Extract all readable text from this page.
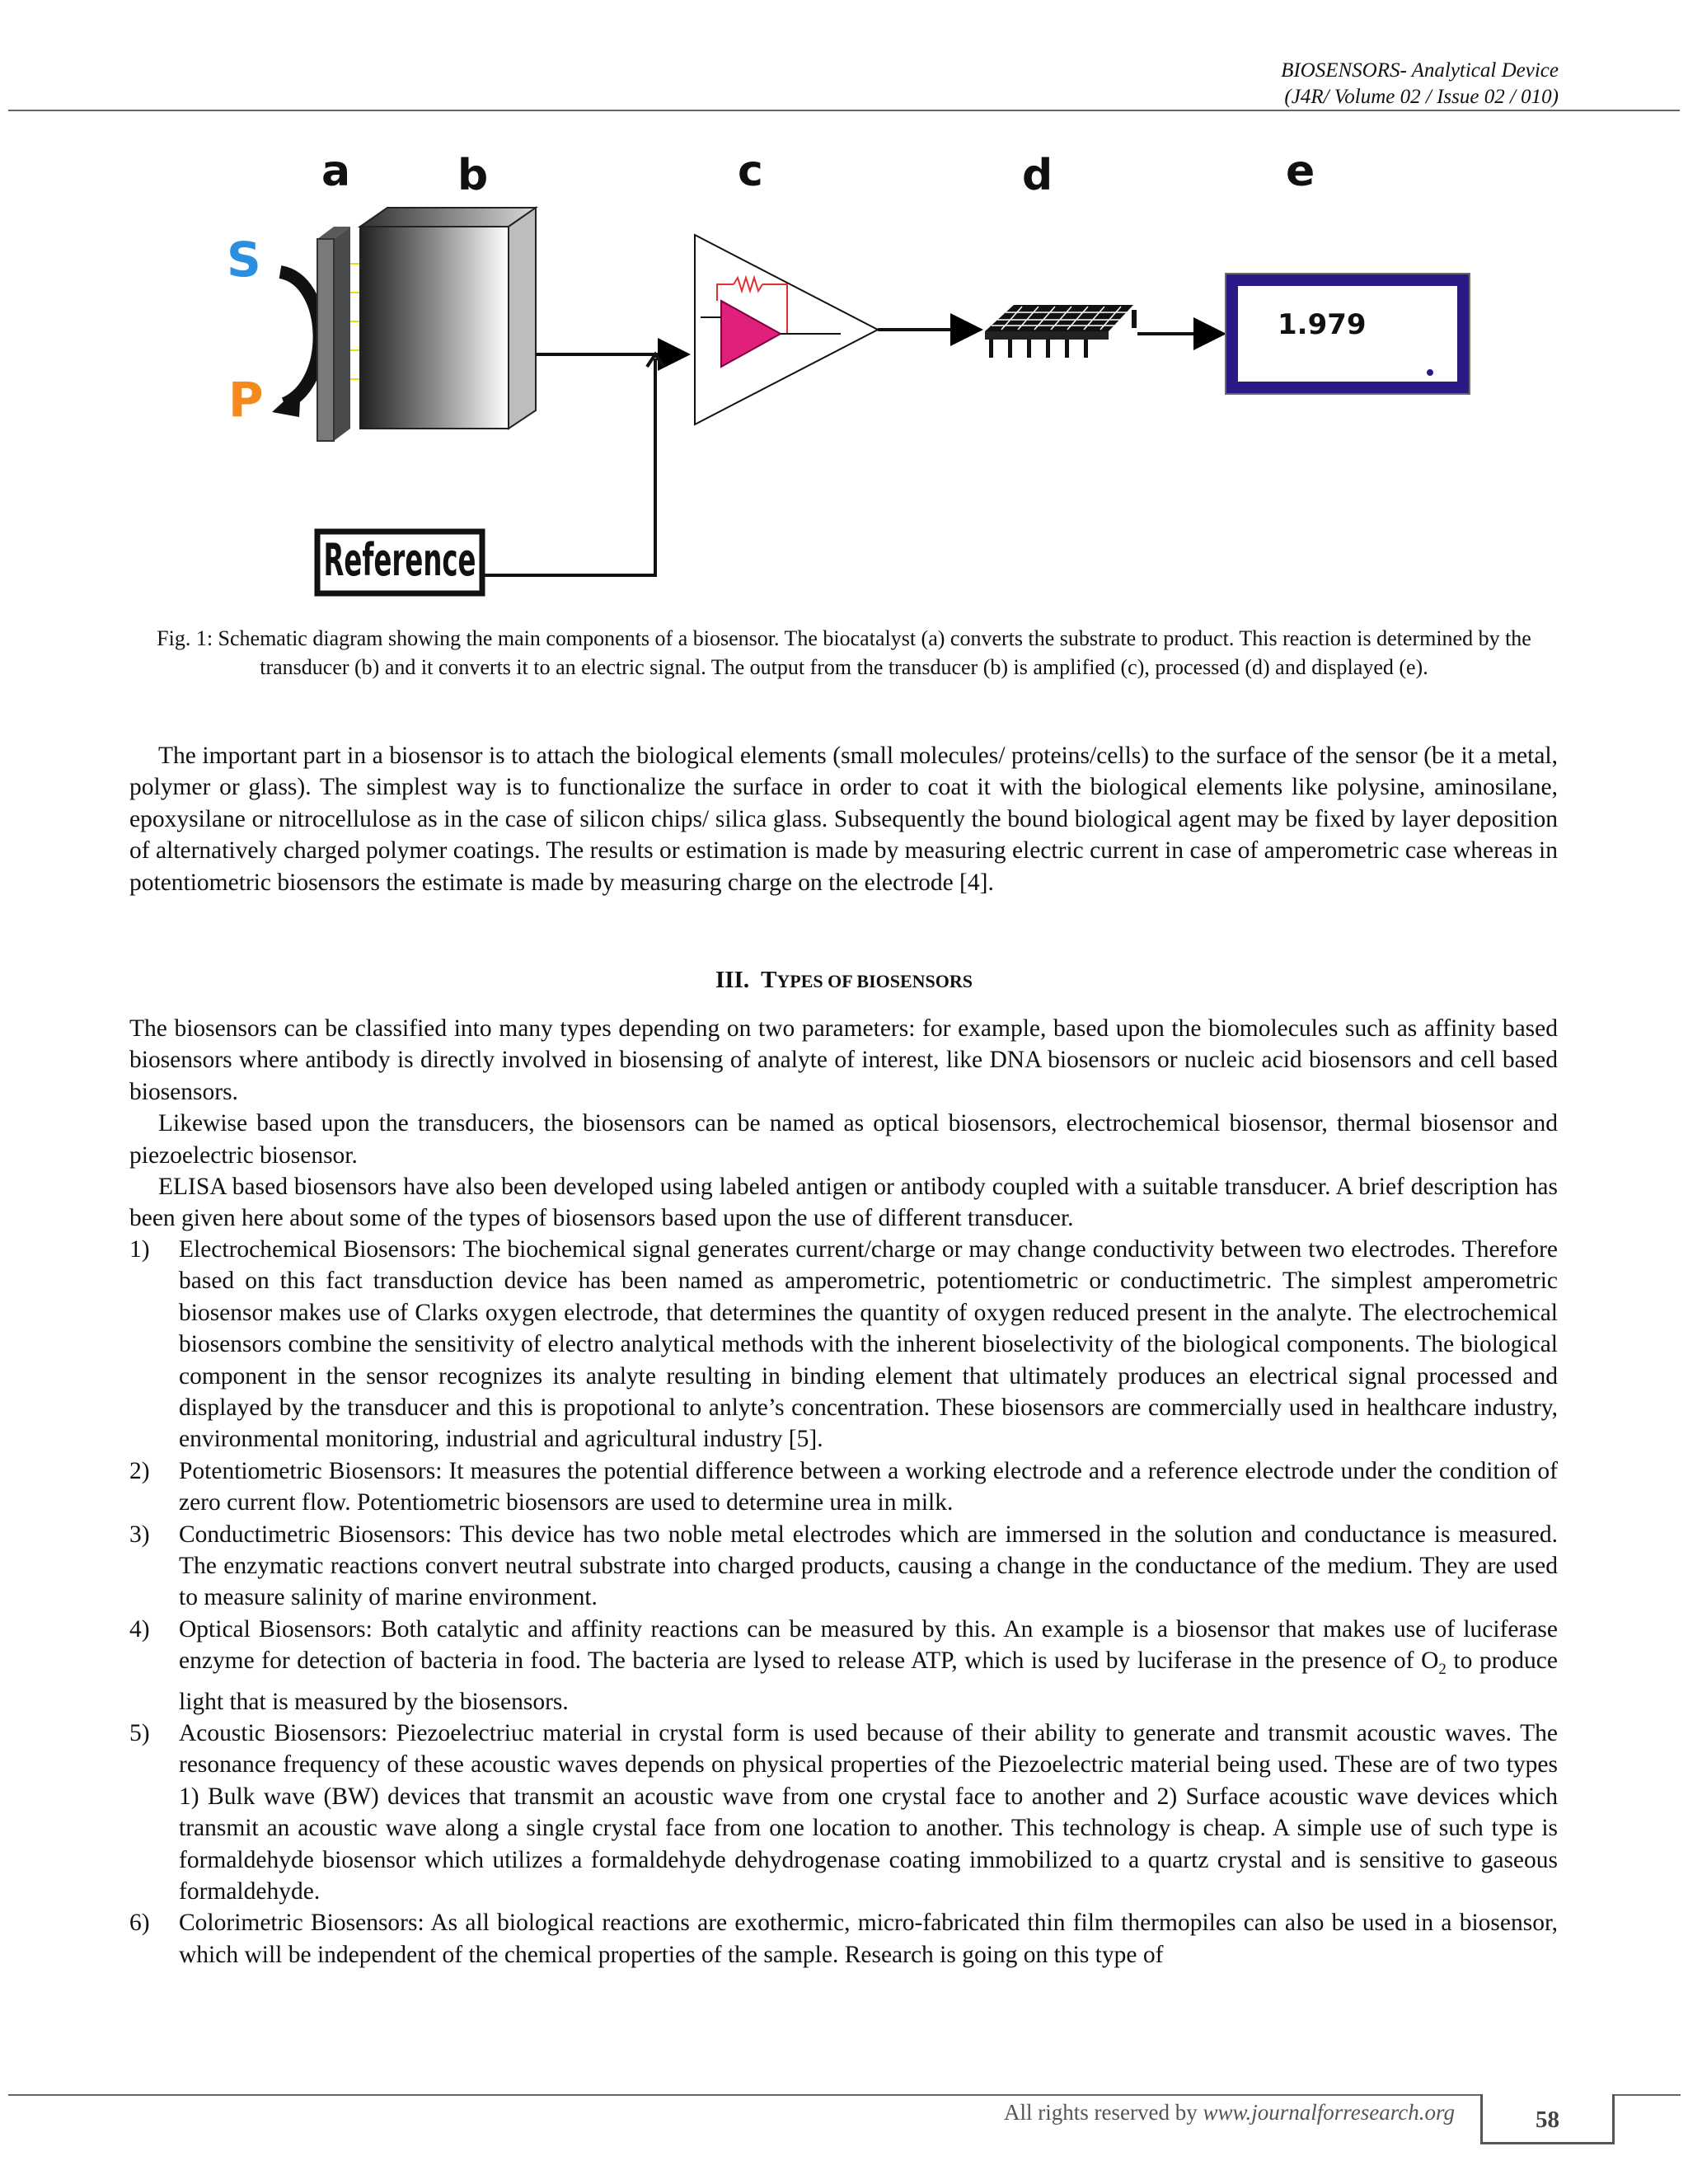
BIOSENSORS- Analytical Device
(J4R/ Volume 02 / Issue 02 / 010)
a b	c	d	e
S
P
Reference
1.979
Fig. 1: Schematic diagram showing the main components of a biosensor. The biocatalyst (a) converts the substrate to product. This reaction is determined by the transducer (b) and it converts it to an electric signal. The output from the transducer (b) is amplified (c), processed (d) and displayed (e).

The important part in a biosensor is to attach the biological elements (small molecules/ proteins/cells) to the surface of the sensor (be it a metal, polymer or glass). The simplest way is to functionalize the surface in order to coat it with the biological elements like polysine, aminosilane, epoxysilane or nitrocellulose as in the case of silicon chips/ silica glass. Subsequently the bound biological agent may be fixed by layer deposition of alternatively charged polymer coatings. The results or estimation is made by measuring electric current in case of amperometric case whereas in potentiometric biosensors the estimate is made by measuring charge on the electrode [4].

III. TYPES OF BIOSENSORS

The biosensors can be classified into many types depending on two parameters: for example, based upon the biomolecules such as affinity based biosensors where antibody is directly involved in biosensing of analyte of interest, like DNA biosensors or nucleic acid biosensors and cell based biosensors.

Likewise based upon the transducers, the biosensors can be named as optical biosensors, electrochemical biosensor, thermal biosensor and piezoelectric biosensor.

ELISA based biosensors have also been developed using labeled antigen or antibody coupled with a suitable transducer. A brief description has been given here about some of the types of biosensors based upon the use of different transducer.

1)	Electrochemical Biosensors: The biochemical signal generates current/charge or may change conductivity between two electrodes. Therefore based on this fact transduction device has been named as amperometric, potentiometric or conductimetric. The simplest amperometric biosensor makes use of Clarks oxygen electrode, that determines the quantity of oxygen reduced present in the analyte. The electrochemical biosensors combine the sensitivity of electro analytical methods with the inherent bioselectivity of the biological components. The biological component in the sensor recognizes its analyte resulting in binding element that ultimately produces an electrical signal processed and displayed by the transducer and this is propotional to anlyte’s concentration. These biosensors are commercially used in healthcare industry, environmental monitoring, industrial and agricultural industry [5].
2)	Potentiometric Biosensors: It measures the potential difference between a working electrode and a reference electrode under the condition of zero current flow. Potentiometric biosensors are used to determine urea in milk.
3)	Conductimetric Biosensors: This device has two noble metal electrodes which are immersed in the solution and conductance is measured. The enzymatic reactions convert neutral substrate into charged products, causing a change in the conductance of the medium. They are used to measure salinity of marine environment.
4)	Optical Biosensors: Both catalytic and affinity reactions can be measured by this. An example is a biosensor that makes use of luciferase enzyme for detection of bacteria in food. The bacteria are lysed to release ATP, which is used by luciferase in the presence of $O_2$ to produce light that is measured by the biosensors.
5)	Acoustic Biosensors: Piezoelectriuc material in crystal form is used because of their ability to generate and transmit acoustic waves. The resonance frequency of these acoustic waves depends on physical properties of the Piezoelectric material being used. These are of two types 1) Bulk wave (BW) devices that transmit an acoustic wave from one crystal face to another and 2) Surface acoustic wave devices which transmit an acoustic wave along a single crystal face from one location to another. This technology is cheap. A simple use of such type is formaldehyde biosensor which utilizes a formaldehyde dehydrogenase coating immobilized to a quartz crystal and is sensitive to gaseous formaldehyde.
6)	Colorimetric Biosensors: As all biological reactions are exothermic, micro-fabricated thin film thermopiles can also be used in a biosensor, which will be independent of the chemical properties of the sample. Research is going on this type of
All rights reserved by www.journalforresearch.org	58
